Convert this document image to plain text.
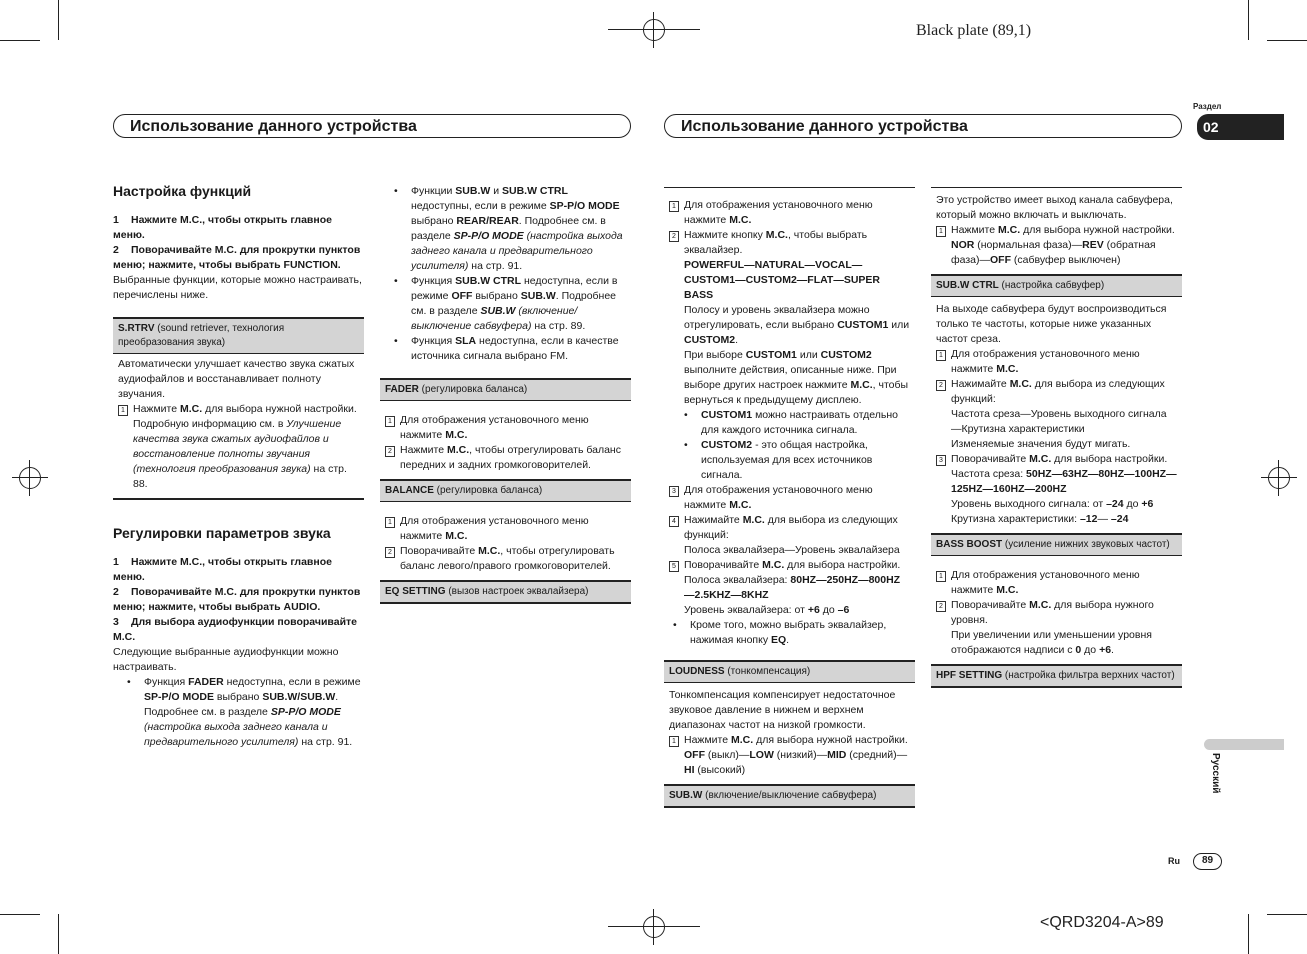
Black plate (89,1)
<QRD3204-A>89
Раздел
02
Русский
Ru	89
Использование данного устройства	Использование данного устройства
Настройка функций

1 Нажмите M.C., чтобы открыть главное меню.

2 Поворачивайте M.C. для прокрутки пунктов меню; нажмите, чтобы выбрать FUNCTION.

Выбранные функции, которые можно настраивать, перечислены ниже.

S.RTRV (sound retriever, технология преобразования звука)

Автоматически улучшает качество звука сжатых аудиофайлов и восстанавливает полноту звучания.

1 Нажмите M.C. для выбора нужной настройки.
Подробную информацию см. в Улучшение качества звука сжатых аудиофайлов и восстановление полноты звучания (технология преобразования звука) на стр. 88.
Регулировки параметров звука

1 Нажмите M.C., чтобы открыть главное меню.

2 Поворачивайте M.C. для прокрутки пунктов меню; нажмите, чтобы выбрать AUDIO.

3 Для выбора аудиофункции поворачивайте M.C.

Следующие выбранные аудиофункции можно настраивать.

•	Функция FADER недоступна, если в режиме SP-P/O MODE выбрано SUB.W/SUB.W. Подробнее см. в разделе SP-P/O MODE (настройка выхода заднего канала и предварительного усилителя) на стр. 91.
•	Функции SUB.W и SUB.W CTRL недоступны, если в режиме SP-P/O MODE выбрано REAR/REAR. Подробнее см. в разделе SP-P/O MODE (настройка выхода заднего канала и предварительного усилителя) на стр. 91.
•	Функция SUB.W CTRL недоступна, если в режиме OFF выбрано SUB.W. Подробнее см. в разделе SUB.W (включение/выключение сабвуфера) на стр. 89.
•	Функция SLA недоступна, если в качестве источника сигнала выбрано FM.
FADER (регулировка баланса)
1 Для отображения установочного меню нажмите M.C.
2 Нажмите M.C., чтобы отрегулировать баланс передних и задних громкоговорителей.
BALANCE (регулировка баланса)
1 Для отображения установочного меню нажмите M.C.
2 Поворачивайте M.C., чтобы отрегулировать баланс левого/правого громкоговорителей.
EQ SETTING (вызов настроек эквалайзера)
1 Для отображения установочного меню нажмите M.C.
2 Нажмите кнопку M.C., чтобы выбрать эквалайзер.
POWERFUL—NATURAL—VOCAL—CUSTOM1—CUSTOM2—FLAT—SUPER BASS
Полосу и уровень эквалайзера можно отрегулировать, если выбрано CUSTOM1 или CUSTOM2.
При выборе CUSTOM1 или CUSTOM2 выполните действия, описанные ниже. При выборе других настроек нажмите M.C., чтобы вернуться к предыдущему дисплею.
•	CUSTOM1 можно настраивать отдельно для каждого источника сигнала.
•	CUSTOM2 - это общая настройка, используемая для всех источников сигнала.
3 Для отображения установочного меню нажмите M.C.
4 Нажимайте M.C. для выбора из следующих функций:
Полоса эквалайзера—Уровень эквалайзера
5 Поворачивайте M.C. для выбора настройки.
Полоса эквалайзера: 80HZ—250HZ—800HZ—2.5KHZ—8KHZ
Уровень эквалайзера: от +6 до –6
•	Кроме того, можно выбрать эквалайзер, нажимая кнопку EQ.
LOUDNESS (тонкомпенсация)

Тонкомпенсация компенсирует недостаточное звуковое давление в нижнем и верхнем диапазонах частот на низкой громкости.

1 Нажмите M.C. для выбора нужной настройки.
OFF (выкл)—LOW (низкий)—MID (средний)—HI (высокий)
SUB.W (включение/выключение сабвуфера)

Это устройство имеет выход канала сабвуфера, который можно включать и выключать.

1 Нажмите M.C. для выбора нужной настройки.
NOR (нормальная фаза)—REV (обратная фаза)—OFF (сабвуфер выключен)
SUB.W CTRL (настройка сабвуфер)

На выходе сабвуфера будут воспроизводиться только те частоты, которые ниже указанных частот среза.

1 Для отображения установочного меню нажмите M.C.
2 Нажимайте M.C. для выбора из следующих функций:
Частота среза—Уровень выходного сигнала—Крутизна характеристики
Изменяемые значения будут мигать.
3 Поворачивайте M.C. для выбора настройки.
Частота среза: 50HZ—63HZ—80HZ—100HZ—125HZ—160HZ—200HZ
Уровень выходного сигнала: от –24 до +6
Крутизна характеристики: –12— –24
BASS BOOST (усиление нижних звуковых частот)
1 Для отображения установочного меню нажмите M.C.
2 Поворачивайте M.C. для выбора нужного уровня.
При увеличении или уменьшении уровня отображаются надписи с 0 до +6.
HPF SETTING (настройка фильтра верхних частот)
